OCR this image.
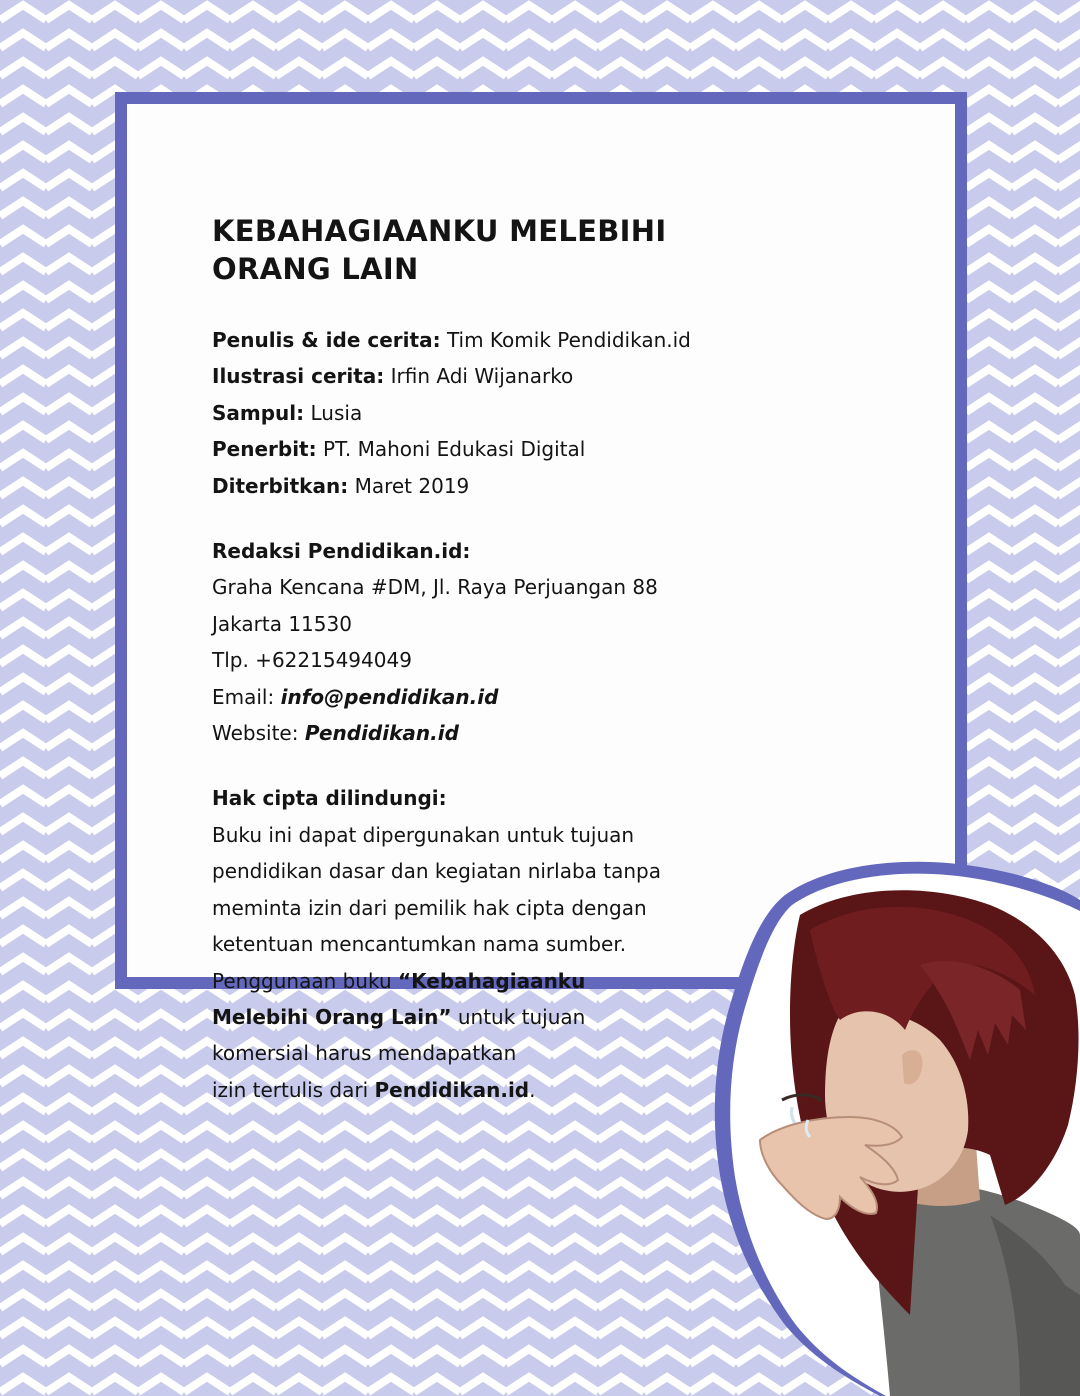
KEBAHAGIAANKU MELEBIHI
ORANG LAIN
Penulis & ide cerita: Tim Komik Pendidikan.id
Ilustrasi cerita: Irfin Adi Wijanarko
Sampul: Lusia
Penerbit: PT. Mahoni Edukasi Digital
Diterbitkan: Maret 2019
Redaksi Pendidikan.id:
Graha Kencana #DM, Jl. Raya Perjuangan 88
Jakarta 11530
Tlp. +62215494049
Email: info@pendidikan.id
Website: Pendidikan.id
Hak cipta dilindungi:
Buku ini dapat dipergunakan untuk tujuan
pendidikan dasar dan kegiatan nirlaba tanpa
meminta izin dari pemilik hak cipta dengan
ketentuan mencantumkan nama sumber.
Penggunaan buku “Kebahagiaanku
Melebihi Orang Lain” untuk tujuan
komersial harus mendapatkan
izin tertulis dari Pendidikan.id.
